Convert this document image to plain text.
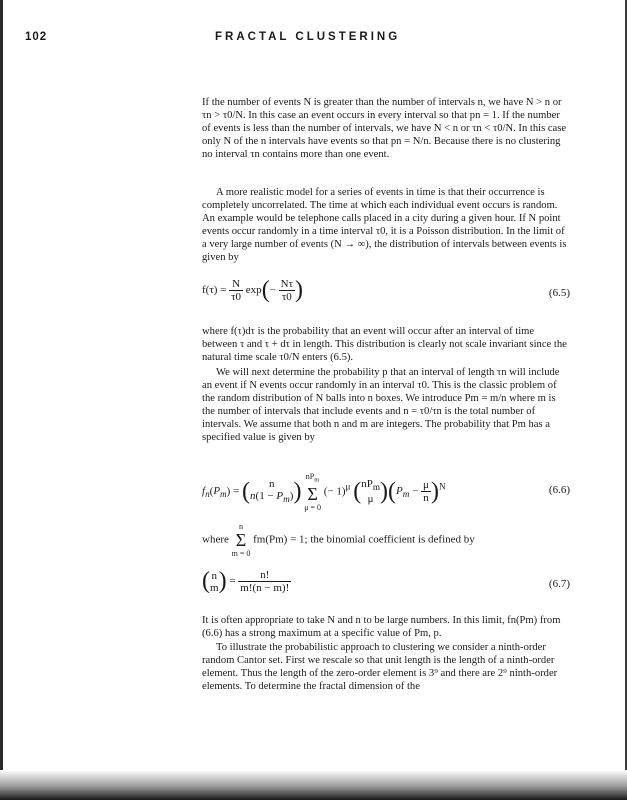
102	FRACTAL CLUSTERING

If the number of events N is greater than the number of intervals n, we have N > n or τn > τ0/N. In this case an event occurs in every interval so that pn = 1. If the number of events is less than the number of intervals, we have N < n or τn < τ0/N. In this case only N of the n intervals have events so that pn = N/n. Because there is no clustering no interval τn contains more than one event.

A more realistic model for a series of events in time is that their occurrence is completely uncorrelated. The time at which each individual event occurs is random. An example would be telephone calls placed in a city during a given hour. If N point events occur randomly in a time interval τ0, it is a Poisson distribution. In the limit of a very large number of events (N → ∞), the distribution of intervals between events is given by

$f(\tau) = \frac{N}{\tau 0} \exp(- \frac{N\tau}{\tau 0}$ )	(6.5)

where f(τ)dτ is the probability that an event will occur after an interval of time between τ and τ + dτ in length. This distribution is clearly not scale invariant since the natural time scale τ0/N enters (6.5).

We will next determine the probability p that an interval of length τn will include an event if N events occur randomly in an interval τ0. This is the classic problem of the random distribution of N balls into n boxes. We introduce Pm = m/n where m is the number of intervals that include events and n = τ0/τn is the total number of intervals. We assume that both n and m are integers. The probability that Pm has a specified value is given by

$f_n(P_m)$ = (	n
$n(1 - P_m)$ ) $nP_m$
Σ
μ = 0 (− 1)$^\mu$ ( $nP_m$
μ )$(P_m - \frac{\mu}{n} )^N$	(6.6)
where n
Σ
m = 0 fm(Pm) = 1; the binomial coefficient is defined by
( n
m ) = $\frac{n!}{m!(n - m)!}$	(6.7)

It is often appropriate to take N and n to be large numbers. In this limit, fn(Pm) from (6.6) has a strong maximum at a specific value of Pm, p.

To illustrate the probabilistic approach to clustering we consider a ninth-order random Cantor set. First we rescale so that unit length is the length of a ninth-order element. Thus the length of the zero-order element is 3⁹ and there are 2⁹ ninth-order elements. To determine the fractal dimension of the
